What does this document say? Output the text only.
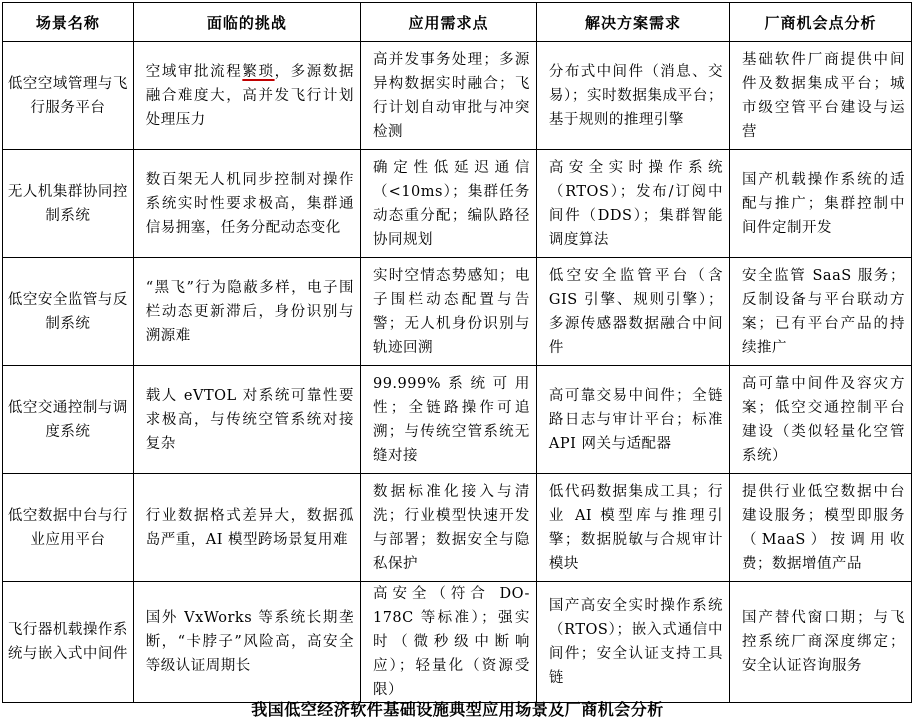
场景名称	面临的挑战	应用需求点	解决方案需求	厂商机会点分析
低空空域管理与飞行服务平台	空域审批流程繁琐，多源数据融合难度大，高并发飞行计划处理压力	高并发事务处理；多源异构数据实时融合；飞行计划自动审批与冲突检测	分布式中间件（消息、交易）；实时数据集成平台；基于规则的推理引擎	基础软件厂商提供中间件及数据集成平台；城市级空管平台建设与运营
无人机集群协同控制系统	数百架无人机同步控制对操作系统实时性要求极高，集群通信易拥塞，任务分配动态变化	确定性低延迟通信（<10ms）；集群任务动态重分配；编队路径协同规划	高安全实时操作系统（RTOS）；发布/订阅中间件（DDS）；集群智能调度算法	国产机载操作系统的适配与推广；集群控制中间件定制开发
低空安全监管与反制系统	“黑飞”行为隐蔽多样，电子围栏动态更新滞后，身份识别与溯源难	实时空情态势感知；电子围栏动态配置与告警；无人机身份识别与轨迹回溯	低空安全监管平台（含 GIS 引擎、规则引擎）；多源传感器数据融合中间件	安全监管 SaaS 服务；反制设备与平台联动方案；已有平台产品的持续推广
低空交通控制与调度系统	载人 eVTOL 对系统可靠性要求极高，与传统空管系统对接复杂	99.999%系统可用性；全链路操作可追溯；与传统空管系统无缝对接	高可靠交易中间件；全链路日志与审计平台；标准 API 网关与适配器	高可靠中间件及容灾方案；低空交通控制平台建设（类似轻量化空管系统）
低空数据中台与行业应用平台	行业数据格式差异大，数据孤岛严重，AI 模型跨场景复用难	数据标准化接入与清洗；行业模型快速开发与部署；数据安全与隐私保护	低代码数据集成工具；行业 AI 模型库与推理引擎；数据脱敏与合规审计模块	提供行业低空数据中台建设服务；模型即服务（MaaS）按调用收费；数据增值产品
飞行器机载操作系统与嵌入式中间件	国外 VxWorks 等系统长期垄断，“卡脖子”风险高，高安全等级认证周期长	高安全（符合 DO-178C 等标准）；强实时（微秒级中断响应）；轻量化（资源受限）	国产高安全实时操作系统（RTOS）；嵌入式通信中间件；安全认证支持工具链	国产替代窗口期；与飞控系统厂商深度绑定；安全认证咨询服务
我国低空经济软件基础设施典型应用场景及厂商机会分析
